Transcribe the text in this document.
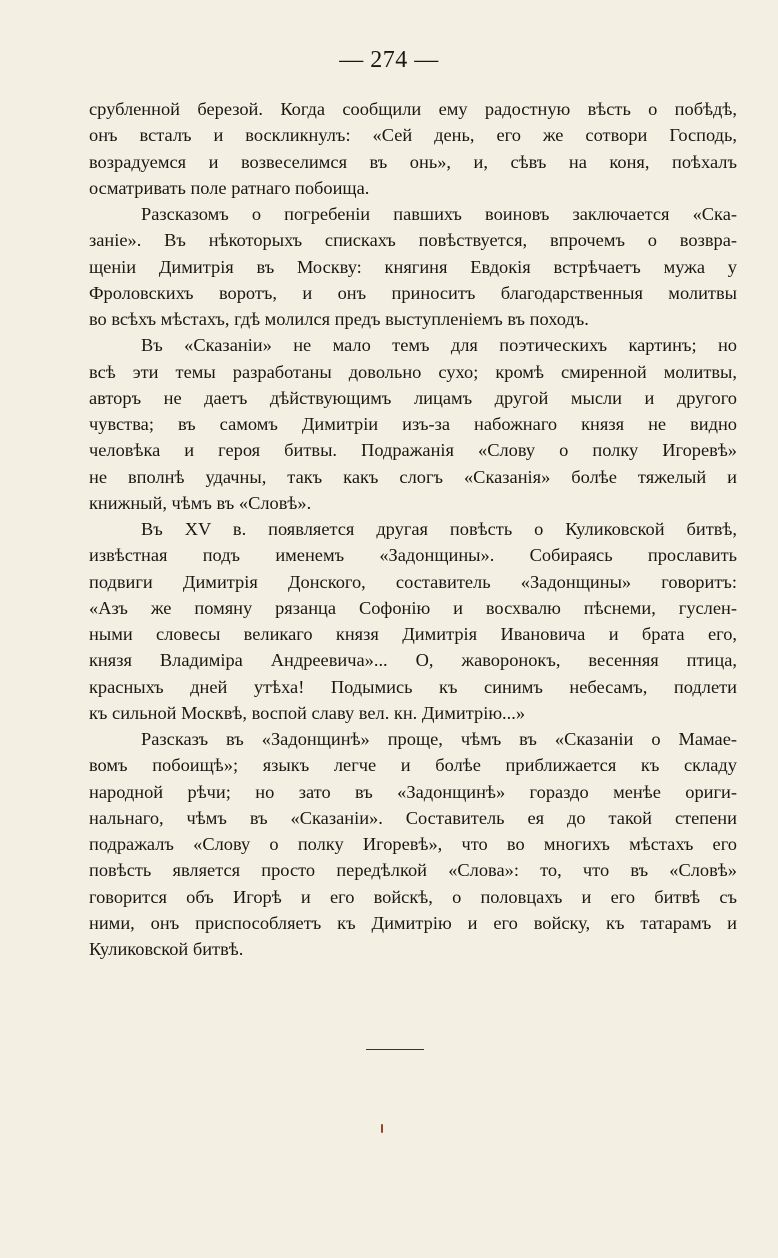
— 274 —
срубленной березой. Когда сообщили ему радостную вѣсть о побѣдѣ,
онъ всталъ и воскликнулъ: «Сей день, его же сотвори Господь,
возрадуемся и возвеселимся въ онь», и, сѣвъ на коня, поѣхалъ
осматривать поле ратнаго побоища.
Разсказомъ о погребеніи павшихъ воиновъ заключается «Ска-
заніе». Въ нѣкоторыхъ спискахъ повѣствуется, впрочемъ о возвра-
щеніи Димитрія въ Москву: княгиня Евдокія встрѣчаетъ мужа у
Фроловскихъ воротъ, и онъ приноситъ благодарственныя молитвы
во всѣхъ мѣстахъ, гдѣ молился предъ выступленіемъ въ походъ.
Въ «Сказаніи» не мало темъ для поэтическихъ картинъ; но
всѣ эти темы разработаны довольно сухо; кромѣ смиренной молитвы,
авторъ не даетъ дѣйствующимъ лицамъ другой мысли и другого
чувства; въ самомъ Димитріи изъ-за набожнаго князя не видно
человѣка и героя битвы. Подражанія «Слову о полку Игоревѣ»
не вполнѣ удачны, такъ какъ слогъ «Сказанія» болѣе тяжелый и
книжный, чѣмъ въ «Словѣ».
Въ XV в. появляется другая повѣсть о Куликовской битвѣ,
извѣстная подъ именемъ «Задонщины». Собираясь прославить
подвиги Димитрія Донского, составитель «Задонщины» говоритъ:
«Азъ же помяну рязанца Софонію и восхвалю пѣснеми, гуслен-
ными словесы великаго князя Димитрія Ивановича и брата его,
князя Владиміра Андреевича»... О, жаворонокъ, весенняя птица,
красныхъ дней утѣха! Подымись къ синимъ небесамъ, подлети
къ сильной Москвѣ, воспой славу вел. кн. Димитрію...»
Разсказъ въ «Задонщинѣ» проще, чѣмъ въ «Сказаніи о Мамае-
вомъ побоищѣ»; языкъ легче и болѣе приближается къ складу
народной рѣчи; но зато въ «Задонщинѣ» гораздо менѣе ориги-
нальнаго, чѣмъ въ «Сказаніи». Составитель ея до такой степени
подражалъ «Слову о полку Игоревѣ», что во многихъ мѣстахъ его
повѣсть является просто передѣлкой «Слова»: то, что въ «Словѣ»
говорится объ Игорѣ и его войскѣ, о половцахъ и его битвѣ съ
ними, онъ приспособляетъ къ Димитрію и его войску, къ татарамъ и
Куликовской битвѣ.
